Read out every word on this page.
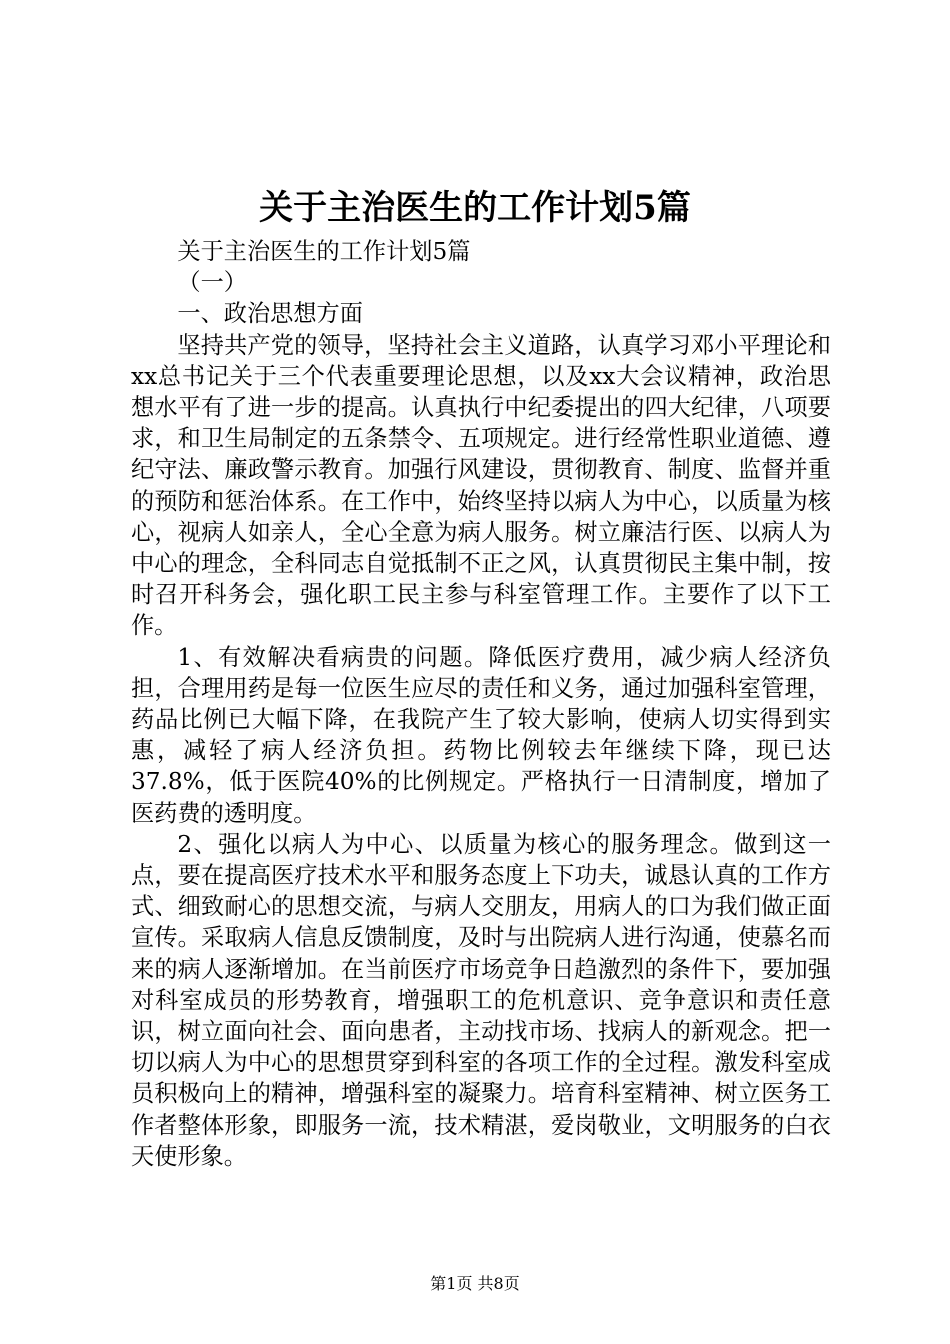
关于主治医生的工作计划5篇

关于主治医生的工作计划5篇

（一）

一、政治思想方面

坚持共产党的领导，坚持社会主义道路，认真学习邓小平理论和xx总书记关于三个代表重要理论思想，以及xx大会议精神，政治思想水平有了进一步的提高。认真执行中纪委提出的四大纪律，八项要求，和卫生局制定的五条禁令、五项规定。进行经常性职业道德、遵纪守法、廉政警示教育。加强行风建设，贯彻教育、制度、监督并重的预防和惩治体系。在工作中，始终坚持以病人为中心，以质量为核心，视病人如亲人，全心全意为病人服务。树立廉洁行医、以病人为中心的理念，全科同志自觉抵制不正之风，认真贯彻民主集中制，按时召开科务会，强化职工民主参与科室管理工作。主要作了以下工作。

1、有效解决看病贵的问题。降低医疗费用，减少病人经济负担，合理用药是每一位医生应尽的责任和义务，通过加强科室管理，药品比例已大幅下降，在我院产生了较大影响，使病人切实得到实惠，减轻了病人经济负担。药物比例较去年继续下降，现已达37.8%，低于医院40%的比例规定。严格执行一日清制度，增加了医药费的透明度。

2、强化以病人为中心、以质量为核心的服务理念。做到这一点，要在提高医疗技术水平和服务态度上下功夫，诚恳认真的工作方式、细致耐心的思想交流，与病人交朋友，用病人的口为我们做正面宣传。采取病人信息反馈制度，及时与出院病人进行沟通，使慕名而来的病人逐渐增加。在当前医疗市场竞争日趋激烈的条件下，要加强对科室成员的形势教育，增强职工的危机意识、竞争意识和责任意识，树立面向社会、面向患者，主动找市场、找病人的新观念。把一切以病人为中心的思想贯穿到科室的各项工作的全过程。激发科室成员积极向上的精神，增强科室的凝聚力。培育科室精神、树立医务工作者整体形象，即服务一流，技术精湛，爱岗敬业，文明服务的白衣天使形象。

第1页 共8页
